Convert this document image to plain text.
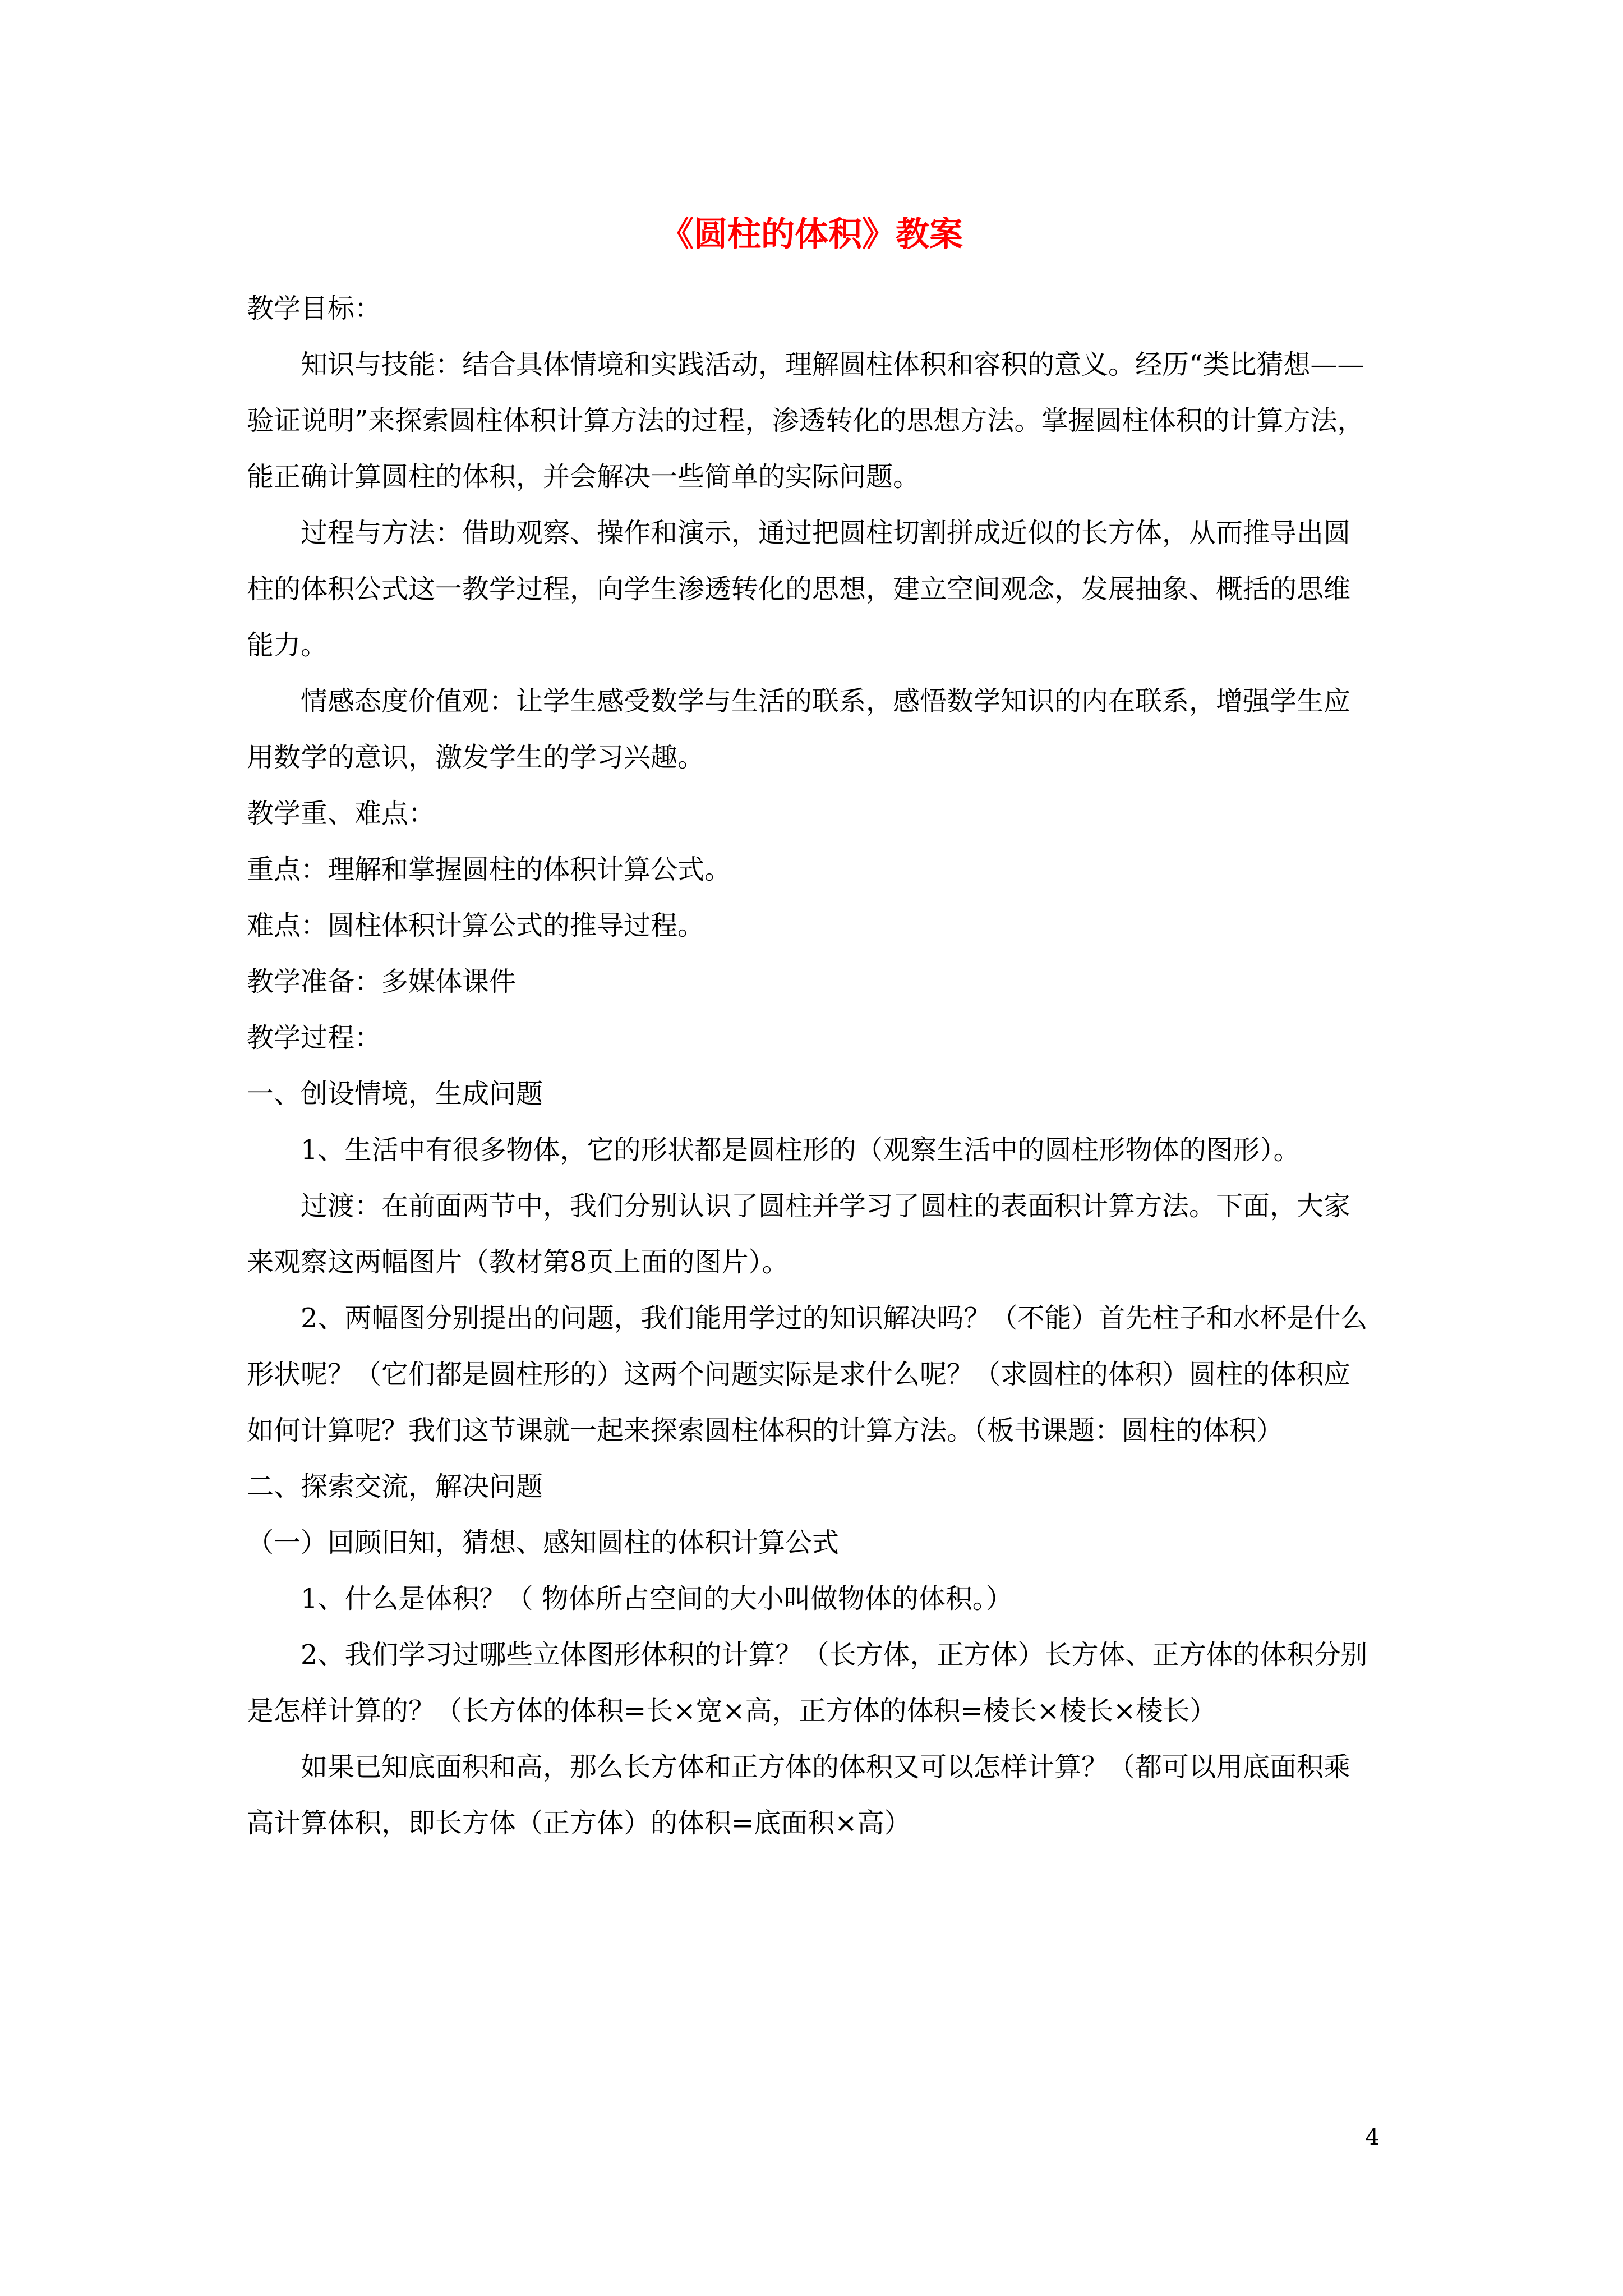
《圆柱的体积》教案

教学目标：

知识与技能：结合具体情境和实践活动，理解圆柱体积和容积的意义。经历“类比猜想——验证说明”来探索圆柱体积计算方法的过程，渗透转化的思想方法。掌握圆柱体积的计算方法，能正确计算圆柱的体积，并会解决一些简单的实际问题。

过程与方法：借助观察、操作和演示，通过把圆柱切割拼成近似的长方体，从而推导出圆柱的体积公式这一教学过程，向学生渗透转化的思想，建立空间观念，发展抽象、概括的思维能力。

情感态度价值观：让学生感受数学与生活的联系，感悟数学知识的内在联系，增强学生应用数学的意识，激发学生的学习兴趣。

教学重、难点：

重点：理解和掌握圆柱的体积计算公式。

难点：圆柱体积计算公式的推导过程。

教学准备：多媒体课件

教学过程：

一、创设情境，生成问题

1、生活中有很多物体，它的形状都是圆柱形的（观察生活中的圆柱形物体的图形）。

过渡：在前面两节中，我们分别认识了圆柱并学习了圆柱的表面积计算方法。下面，大家来观察这两幅图片（教材第8页上面的图片）。

2、两幅图分别提出的问题，我们能用学过的知识解决吗？（不能）首先柱子和水杯是什么形状呢？（它们都是圆柱形的）这两个问题实际是求什么呢？（求圆柱的体积）圆柱的体积应如何计算呢？我们这节课就一起来探索圆柱体积的计算方法。（板书课题：圆柱的体积）

二、探索交流，解决问题

（一）回顾旧知，猜想、感知圆柱的体积计算公式

1、什么是体积？（ 物体所占空间的大小叫做物体的体积。）

2、我们学习过哪些立体图形体积的计算？（长方体，正方体）长方体、正方体的体积分别是怎样计算的？（长方体的体积=长×宽×高，正方体的体积=棱长×棱长×棱长）

如果已知底面积和高，那么长方体和正方体的体积又可以怎样计算？（都可以用底面积乘高计算体积，即长方体（正方体）的体积=底面积×高）

4
